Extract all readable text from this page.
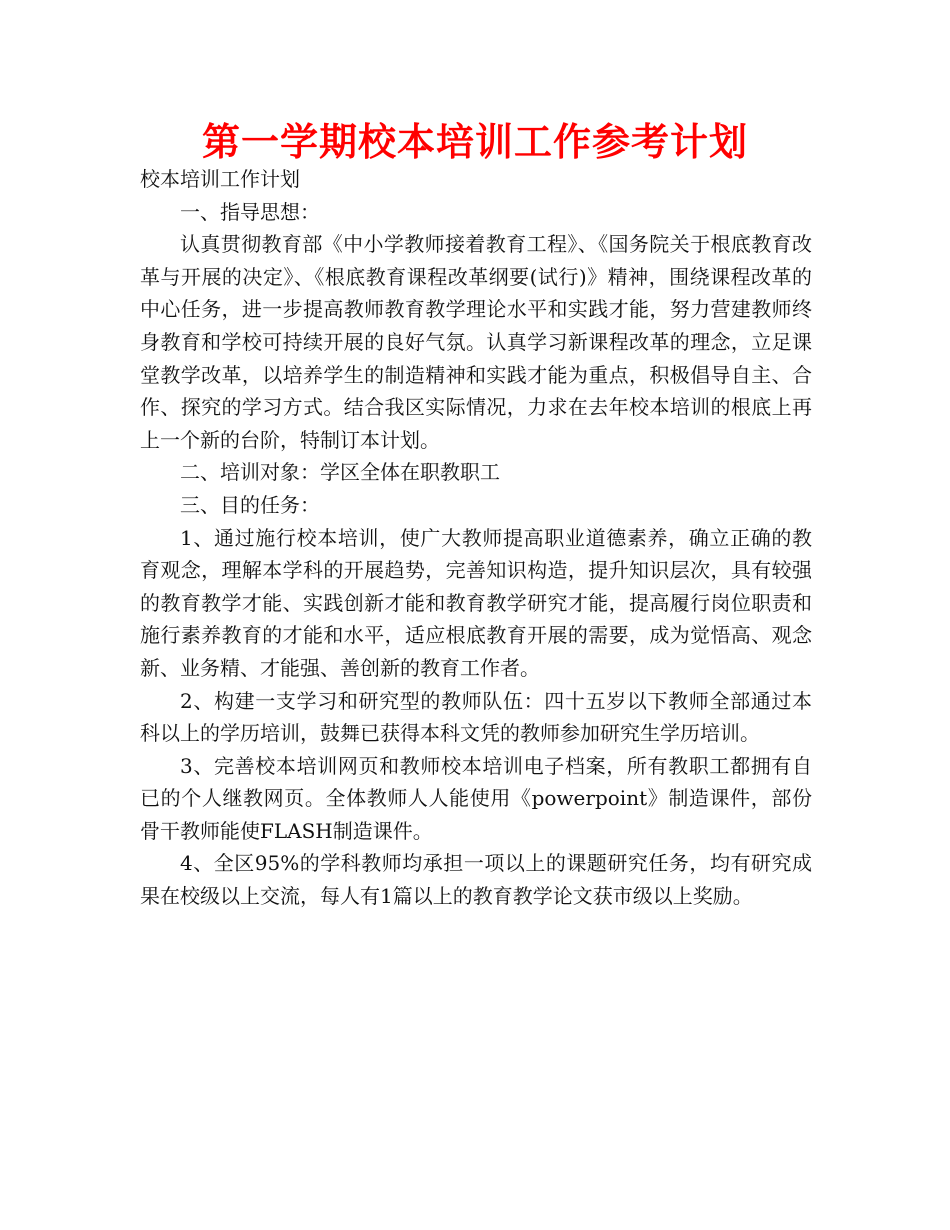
第一学期校本培训工作参考计划

校本培训工作计划

一、指导思想：

认真贯彻教育部《中小学教师接着教育工程》、《国务院关于根底教育改革与开展的决定》、《根底教育课程改革纲要(试行)》精神，围绕课程改革的中心任务，进一步提高教师教育教学理论水平和实践才能，努力营建教师终身教育和学校可持续开展的良好气氛。认真学习新课程改革的理念，立足课堂教学改革，以培养学生的制造精神和实践才能为重点，积极倡导自主、合作、探究的学习方式。结合我区实际情况，力求在去年校本培训的根底上再上一个新的台阶，特制订本计划。

二、培训对象：学区全体在职教职工

三、目的任务：

1、通过施行校本培训，使广大教师提高职业道德素养，确立正确的教育观念，理解本学科的开展趋势，完善知识构造，提升知识层次，具有较强的教育教学才能、实践创新才能和教育教学研究才能，提高履行岗位职责和施行素养教育的才能和水平，适应根底教育开展的需要，成为觉悟高、观念新、业务精、才能强、善创新的教育工作者。

2、构建一支学习和研究型的教师队伍：四十五岁以下教师全部通过本科以上的学历培训，鼓舞已获得本科文凭的教师参加研究生学历培训。

3、完善校本培训网页和教师校本培训电子档案，所有教职工都拥有自已的个人继教网页。全体教师人人能使用《powerpoint》制造课件，部份骨干教师能使FLASH制造课件。

4、全区95%的学科教师均承担一项以上的课题研究任务，均有研究成果在校级以上交流，每人有1篇以上的教育教学论文获市级以上奖励。
